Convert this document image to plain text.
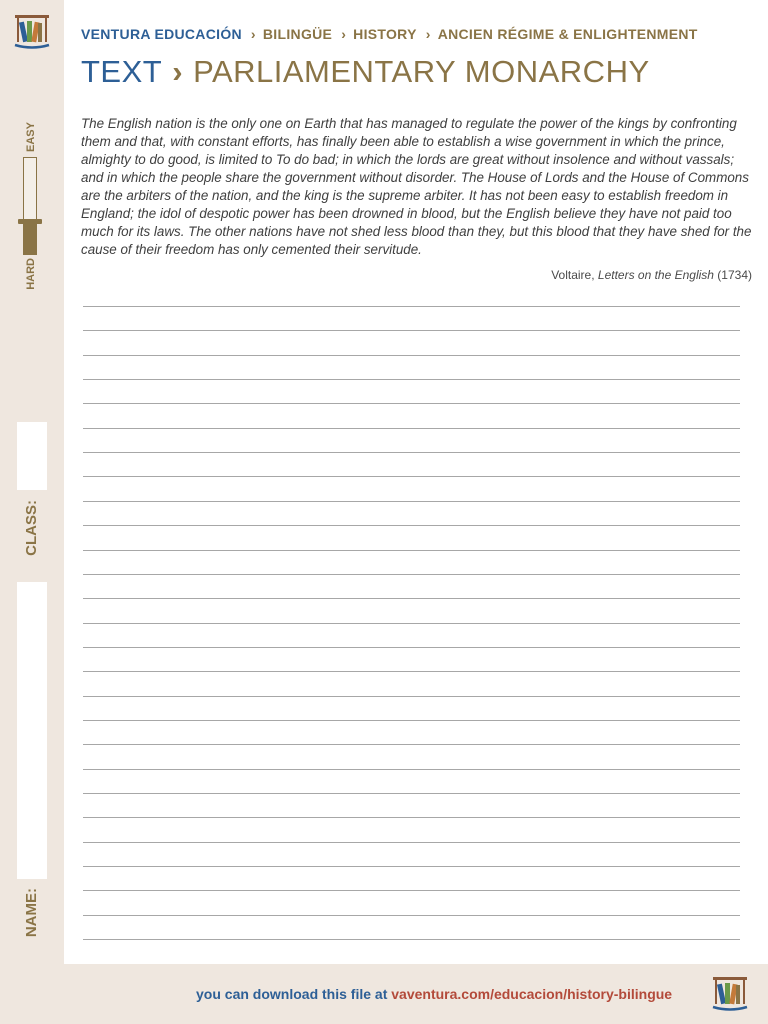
VENTURA EDUCACIÓN › BILINGÜE › HISTORY › ANCIEN RÉGIME & ENLIGHTENMENT
TEXT › PARLIAMENTARY MONARCHY

The English nation is the only one on Earth that has managed to regulate the power of the kings by confronting them and that, with constant efforts, has finally been able to establish a wise government in which the prince, almighty to do good, is limited to To do bad; in which the lords are great without insolence and without vassals; and in which the people share the government without disorder. The House of Lords and the House of Commons are the arbiters of the nation, and the king is the supreme arbiter. It has not been easy to establish freedom in England; the idol of despotic power has been drowned in blood, but the English believe they have not paid too much for its laws. The other nations have not shed less blood than they, but this blood that they have shed for the cause of their freedom has only cemented their servitude.

Voltaire, Letters on the English (1734)
EASY
HARD
CLASS:
NAME:
you can download this file at vaventura.com/educacion/history-bilingue
